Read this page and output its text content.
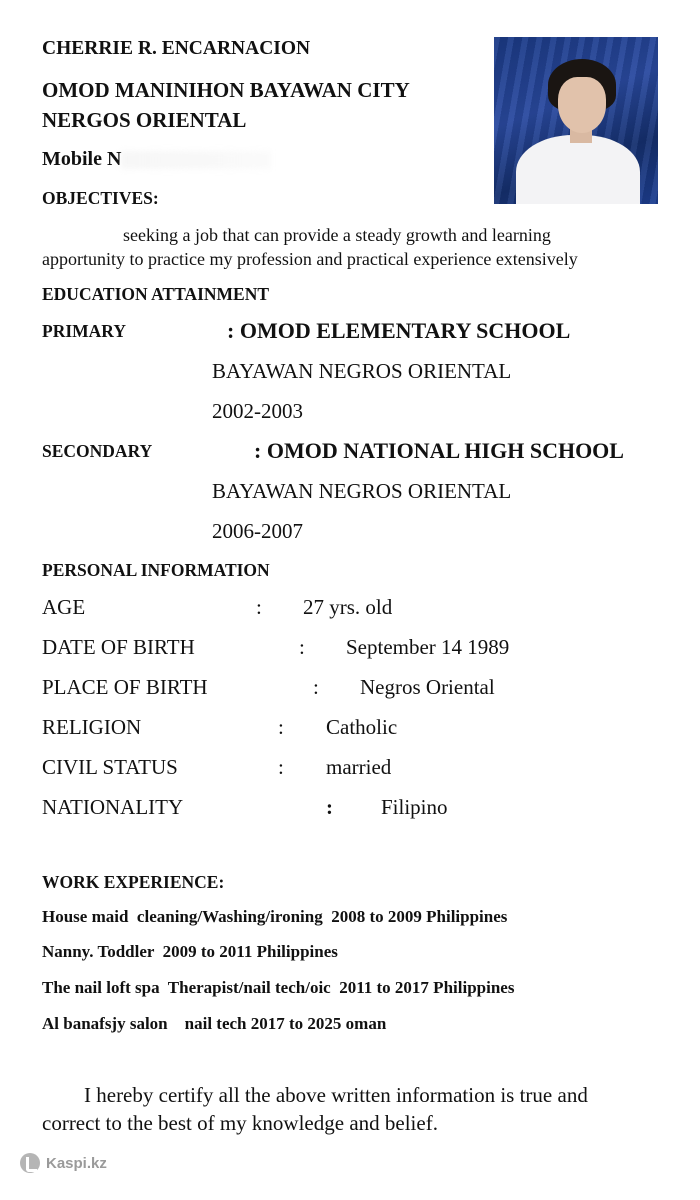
CHERRIE R. ENCARNACION
OMOD MANINIHON BAYAWAN CITY
NERGOS ORIENTAL
Mobile N
OBJECTIVES:
seeking a job that can provide a steady growth and learning
apportunity to practice my profession and practical experience extensively
EDUCATION ATTAINMENT
PRIMARY	: OMOD ELEMENTARY SCHOOL
BAYAWAN NEGROS ORIENTAL
2002-2003
SECONDARY	: OMOD NATIONAL HIGH SCHOOL
BAYAWAN NEGROS ORIENTAL
2006-2007
PERSONAL INFORMATION
AGE	: 27 yrs. old
DATE OF BIRTH	: September 14 1989
PLACE OF BIRTH	: Negros Oriental
RELIGION	: Catholic
CIVIL STATUS	: married
NATIONALITY	: Filipino
WORK EXPERIENCE:
House maid  cleaning/Washing/ironing  2008 to 2009 Philippines
Nanny. Toddler  2009 to 2011 Philippines
The nail loft spa  Therapist/nail tech/oic  2011 to 2017 Philippines
Al banafsjy salon    nail tech 2017 to 2025 oman
I hereby certify all the above written information is true and
correct to the best of my knowledge and belief.
Kaspi.kz
